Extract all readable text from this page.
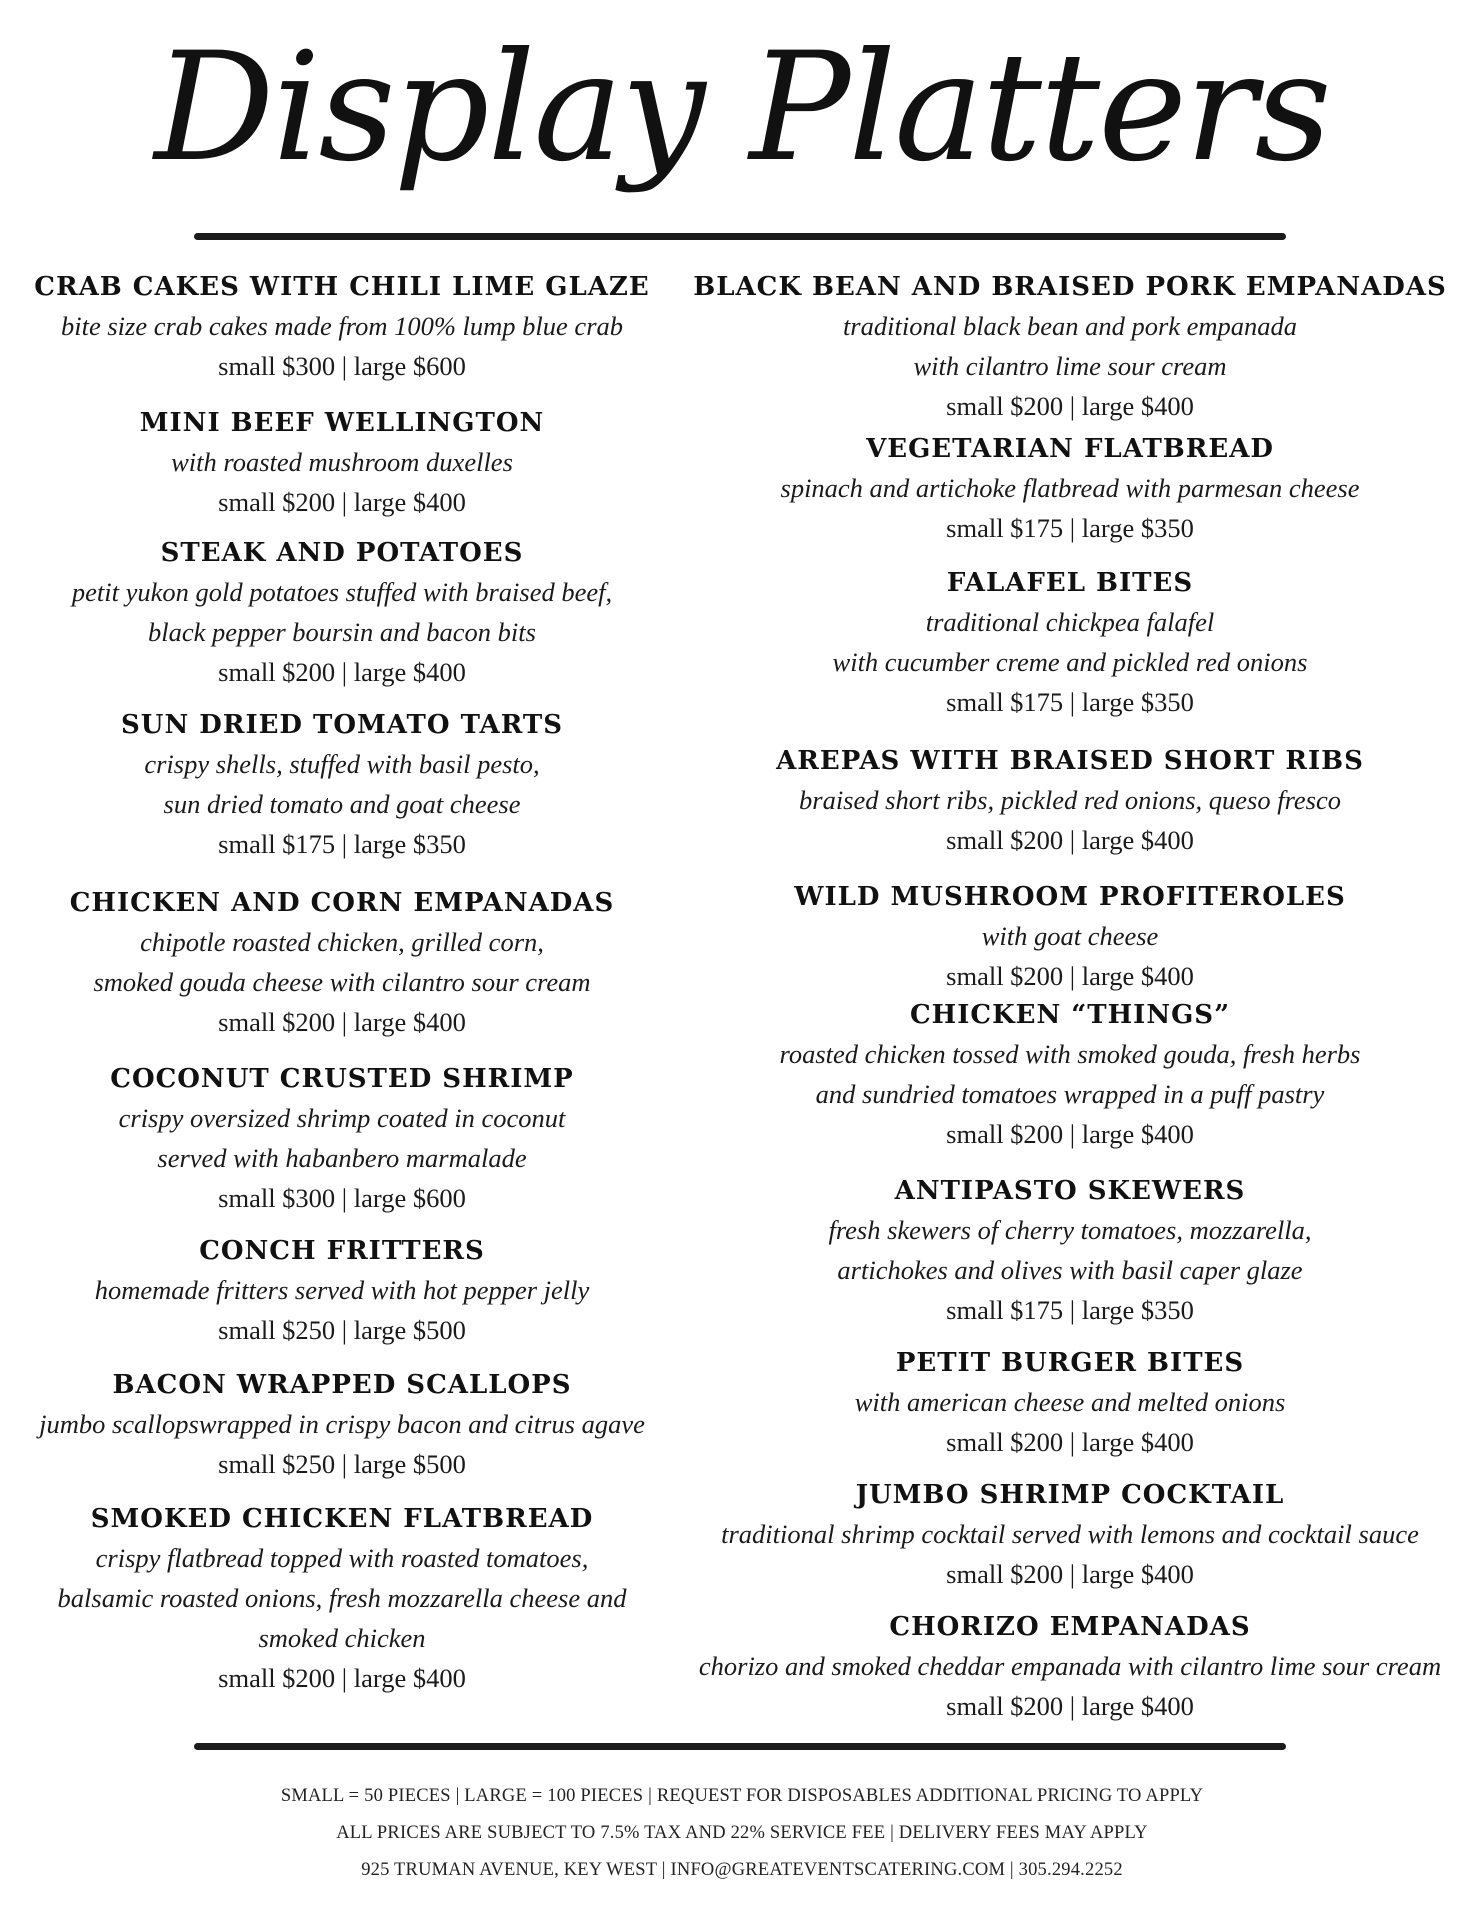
Display Platters
CRAB CAKES WITH CHILI LIME GLAZE
bite size crab cakes made from 100% lump blue crab
small $300 | large $600
MINI BEEF WELLINGTON
with roasted mushroom duxelles
small $200 | large $400
STEAK AND POTATOES
petit yukon gold potatoes stuffed with braised beef,
black pepper boursin and bacon bits
small $200 | large $400
SUN DRIED TOMATO TARTS
crispy shells, stuffed with basil pesto,
sun dried tomato and goat cheese
small $175 | large $350
CHICKEN AND CORN EMPANADAS
chipotle roasted chicken, grilled corn,
smoked gouda cheese with cilantro sour cream
small $200 | large $400
COCONUT CRUSTED SHRIMP
crispy oversized shrimp coated in coconut
served with habanbero marmalade
small $300 | large $600
CONCH FRITTERS
homemade fritters served with hot pepper jelly
small $250 | large $500
BACON WRAPPED SCALLOPS
jumbo scallopswrapped in crispy bacon and citrus agave
small $250 | large $500
SMOKED CHICKEN FLATBREAD
crispy flatbread topped with roasted tomatoes,
balsamic roasted onions, fresh mozzarella cheese and
smoked chicken
small $200 | large $400
BLACK BEAN AND BRAISED PORK EMPANADAS
traditional black bean and pork empanada
with cilantro lime sour cream
small $200 | large $400
VEGETARIAN FLATBREAD
spinach and artichoke flatbread with parmesan cheese
small $175 | large $350
FALAFEL BITES
traditional chickpea falafel
with cucumber creme and pickled red onions
small $175 | large $350
AREPAS WITH BRAISED SHORT RIBS
braised short ribs, pickled red onions, queso fresco
small $200 | large $400
WILD MUSHROOM PROFITEROLES
with goat cheese
small $200 | large $400
CHICKEN “THINGS”
roasted chicken tossed with smoked gouda, fresh herbs
and sundried tomatoes wrapped in a puff pastry
small $200 | large $400
ANTIPASTO SKEWERS
fresh skewers of cherry tomatoes, mozzarella,
artichokes and olives with basil caper glaze
small $175 | large $350
PETIT BURGER BITES
with american cheese and melted onions
small $200 | large $400
JUMBO SHRIMP COCKTAIL
traditional shrimp cocktail served with lemons and cocktail sauce
small $200 | large $400
CHORIZO EMPANADAS
chorizo and smoked cheddar empanada with cilantro lime sour cream
small $200 | large $400
SMALL = 50 PIECES | LARGE = 100 PIECES | REQUEST FOR DISPOSABLES ADDITIONAL PRICING TO APPLY
ALL PRICES ARE SUBJECT TO 7.5% TAX AND 22% SERVICE FEE | DELIVERY FEES MAY APPLY
925 TRUMAN AVENUE, KEY WEST | INFO@GREATEVENTSCATERING.COM | 305.294.2252
